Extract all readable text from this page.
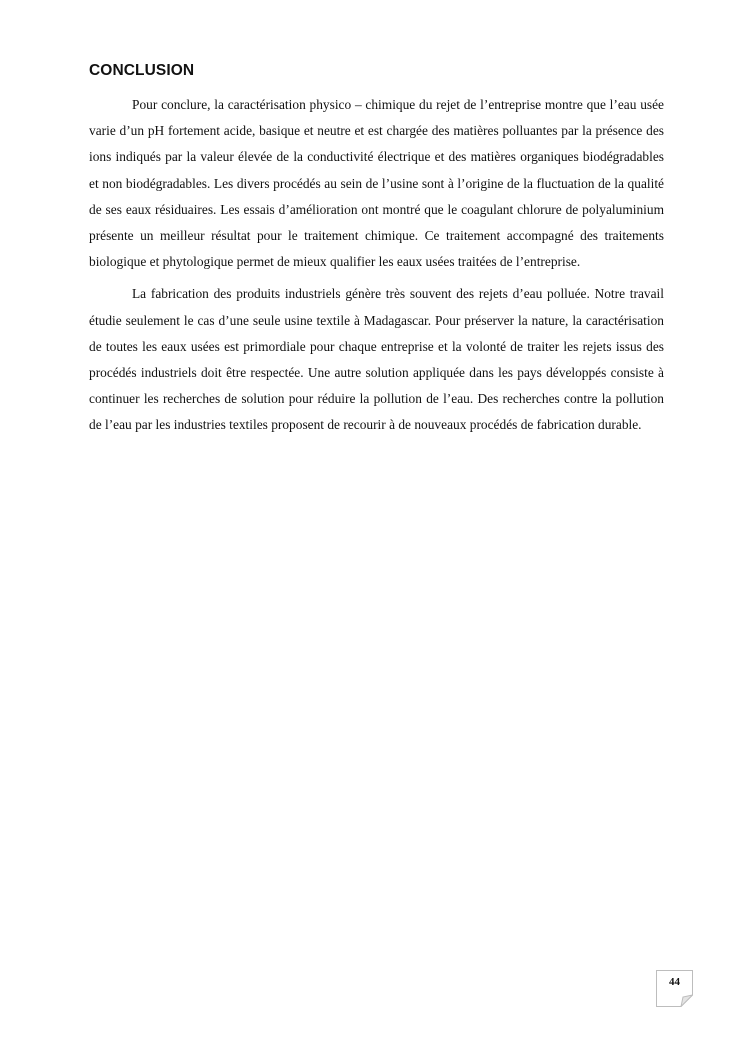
CONCLUSION

Pour conclure, la caractérisation physico – chimique du rejet de l’entreprise montre que l’eau usée varie d’un pH fortement acide, basique et neutre et est chargée des matières polluantes par la présence des ions indiqués par la valeur élevée de la conductivité électrique et des matières organiques biodégradables et non biodégradables. Les divers procédés au sein de l’usine sont à l’origine de la fluctuation de la qualité de ses eaux résiduaires. Les essais d’amélioration ont montré que le coagulant chlorure de polyaluminium présente un meilleur résultat pour le traitement chimique. Ce traitement accompagné des traitements biologique et phytologique permet de mieux qualifier les eaux usées traitées de l’entreprise.

La fabrication des produits industriels génère très souvent des rejets d’eau polluée. Notre travail étudie seulement le cas d’une seule usine textile à Madagascar. Pour préserver la nature, la caractérisation de toutes les eaux usées est primordiale pour chaque entreprise et la volonté de traiter les rejets issus des procédés industriels doit être respectée. Une autre solution appliquée dans les pays développés consiste à continuer les recherches de solution pour réduire la pollution de l’eau. Des recherches contre la pollution de l’eau par les industries textiles proposent de recourir à de nouveaux procédés de fabrication durable.

44
